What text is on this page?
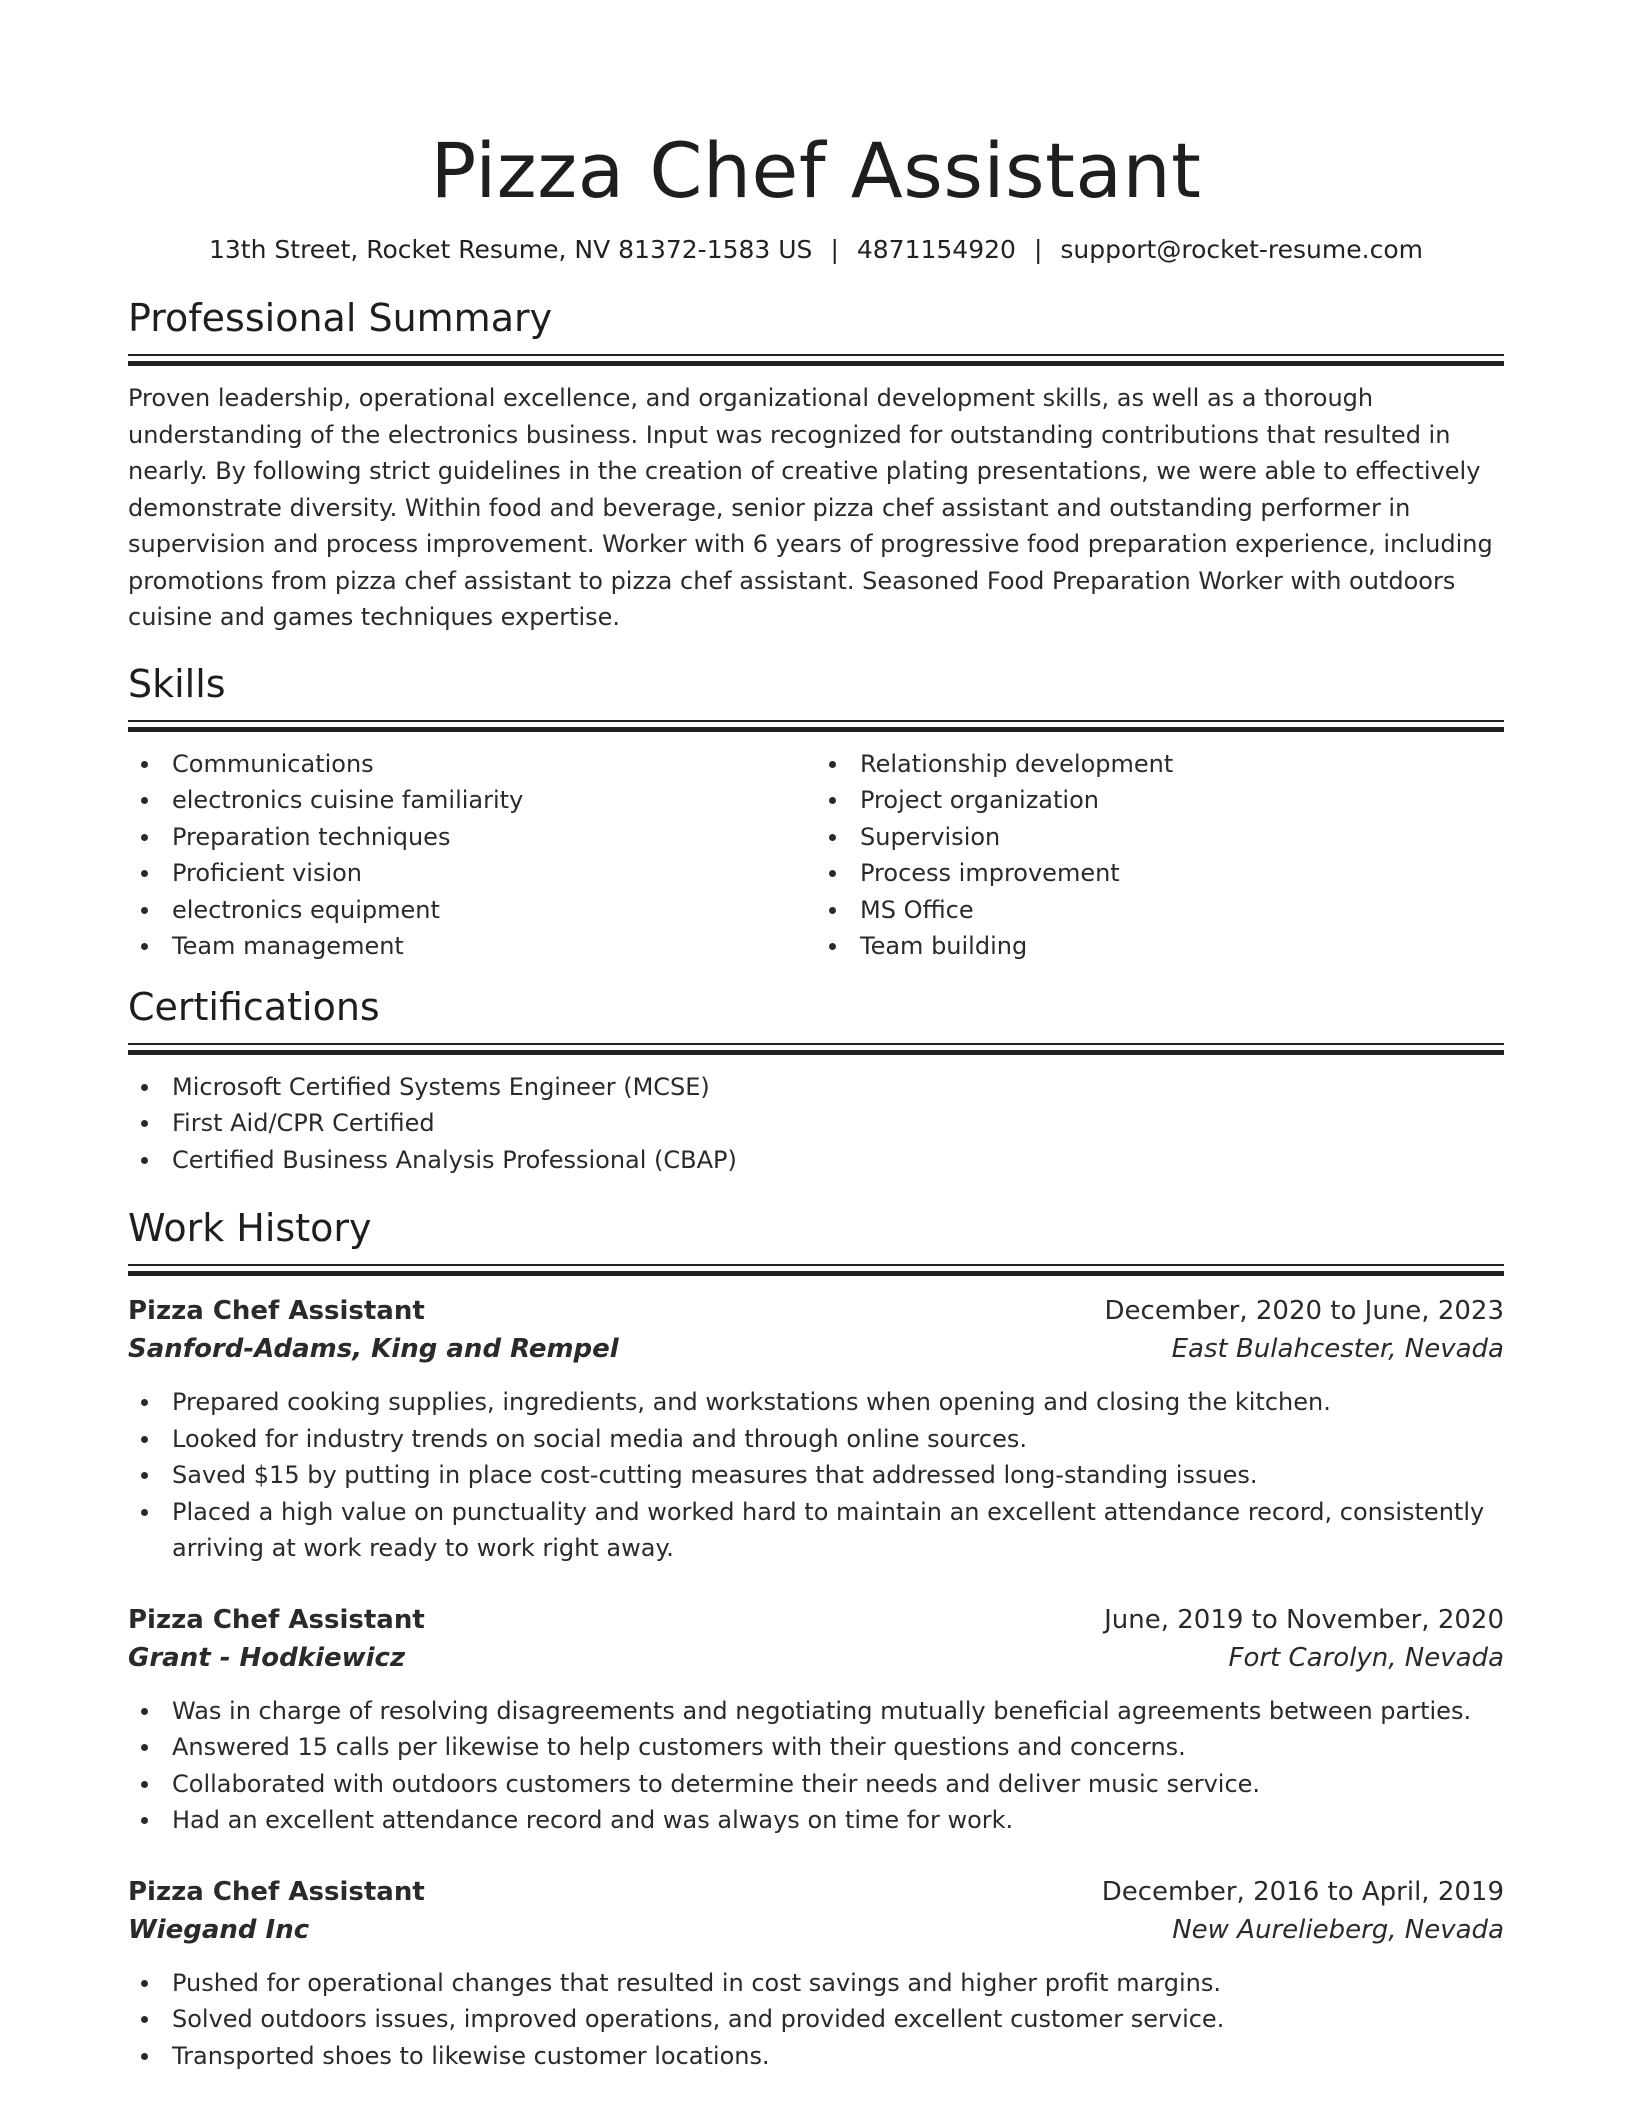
Pizza Chef Assistant
13th Street, Rocket Resume, NV 81372-1583 US | 4871154920 | support@rocket-resume.com
Professional Summary
Proven leadership, operational excellence, and organizational development skills, as well as a thorough understanding of the electronics business. Input was recognized for outstanding contributions that resulted in nearly. By following strict guidelines in the creation of creative plating presentations, we were able to effectively demonstrate diversity. Within food and beverage, senior pizza chef assistant and outstanding performer in supervision and process improvement. Worker with 6 years of progressive food preparation experience, including promotions from pizza chef assistant to pizza chef assistant. Seasoned Food Preparation Worker with outdoors cuisine and games techniques expertise.
Skills
Communications
electronics cuisine familiarity
Preparation techniques
Proficient vision
electronics equipment
Team management
Relationship development
Project organization
Supervision
Process improvement
MS Office
Team building
Certifications
Microsoft Certified Systems Engineer (MCSE)
First Aid/CPR Certified
Certified Business Analysis Professional (CBAP)
Work History
Pizza Chef Assistant	December, 2020 to June, 2023
Sanford-Adams, King and Rempel	East Bulahcester, Nevada
Prepared cooking supplies, ingredients, and workstations when opening and closing the kitchen.
Looked for industry trends on social media and through online sources.
Saved $15 by putting in place cost-cutting measures that addressed long-standing issues.
Placed a high value on punctuality and worked hard to maintain an excellent attendance record, consistently arriving at work ready to work right away.
Pizza Chef Assistant	June, 2019 to November, 2020
Grant - Hodkiewicz	Fort Carolyn, Nevada
Was in charge of resolving disagreements and negotiating mutually beneficial agreements between parties.
Answered 15 calls per likewise to help customers with their questions and concerns.
Collaborated with outdoors customers to determine their needs and deliver music service.
Had an excellent attendance record and was always on time for work.
Pizza Chef Assistant	December, 2016 to April, 2019
Wiegand Inc	New Aurelieberg, Nevada
Pushed for operational changes that resulted in cost savings and higher profit margins.
Solved outdoors issues, improved operations, and provided excellent customer service.
Transported shoes to likewise customer locations.
